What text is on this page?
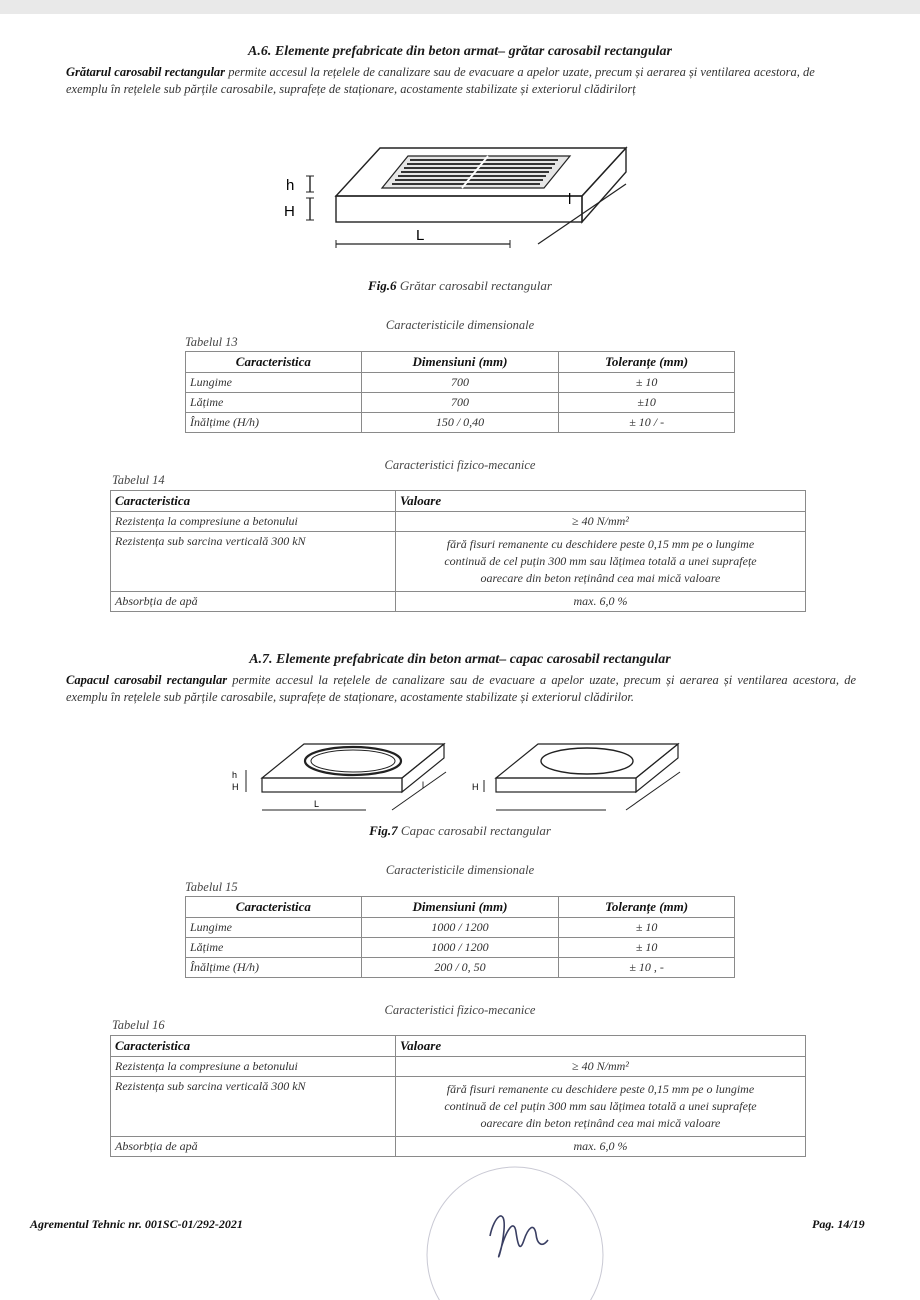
A.6. Elemente prefabricate din beton armat– grătar carosabil rectangular
Grătarul carosabil rectangular permite accesul la rețelele de canalizare sau de evacuare a apelor uzate, precum și aerarea și ventilarea acestora, de exemplu în rețelele sub părțile carosabile, suprafețe de staționare, acostamente stabilizate și exteriorul clădirilorț
h
H
L
l
Fig.6 Grătar carosabil rectangular
Caracteristicile dimensionale
Tabelul 13
Caracteristica	Dimensiuni (mm)	Toleranțe (mm)
Lungime	700	± 10
Lățime	700	±10
Înălțime (H/h)	150 / 0,40	± 10 / -
Caracteristici fizico-mecanice
Tabelul 14
Caracteristica	Valoare
Rezistența la compresiune a betonului	≥ 40 N/mm²
Rezistența sub sarcina verticală 300 kN	fără fisuri remanente cu deschidere peste 0,15 mm pe o lungime continuă de cel puțin 300 mm sau lățimea totală a unei suprafețe oarecare din beton reținând cea mai mică valoare
Absorbția de apă	max. 6,0 %
A.7. Elemente prefabricate din beton armat– capac carosabil rectangular
Capacul carosabil rectangular permite accesul la rețelele de canalizare sau de evacuare a apelor uzate, precum și aerarea și ventilarea acestora, de exemplu în rețelele sub părțile carosabile, suprafețe de staționare, acostamente stabilizate și exteriorul clădirilor.
h
H
L
l	H
Fig.7 Capac carosabil rectangular
Caracteristicile dimensionale
Tabelul 15
Caracteristica	Dimensiuni (mm)	Toleranțe (mm)
Lungime	1000 / 1200	± 10
Lățime	1000 / 1200	± 10
Înălțime (H/h)	200 / 0, 50	± 10 , -
Caracteristici fizico-mecanice
Tabelul 16
Caracteristica	Valoare
Rezistența la compresiune a betonului	≥ 40 N/mm²
Rezistența sub sarcina verticală 300 kN	fără fisuri remanente cu deschidere peste 0,15 mm pe o lungime continuă de cel puțin 300 mm sau lățimea totală a unei suprafețe oarecare din beton reținând cea mai mică valoare
Absorbția de apă	max. 6,0 %
Agrementul Tehnic nr. 001SC-01/292-2021	Pag. 14/19
